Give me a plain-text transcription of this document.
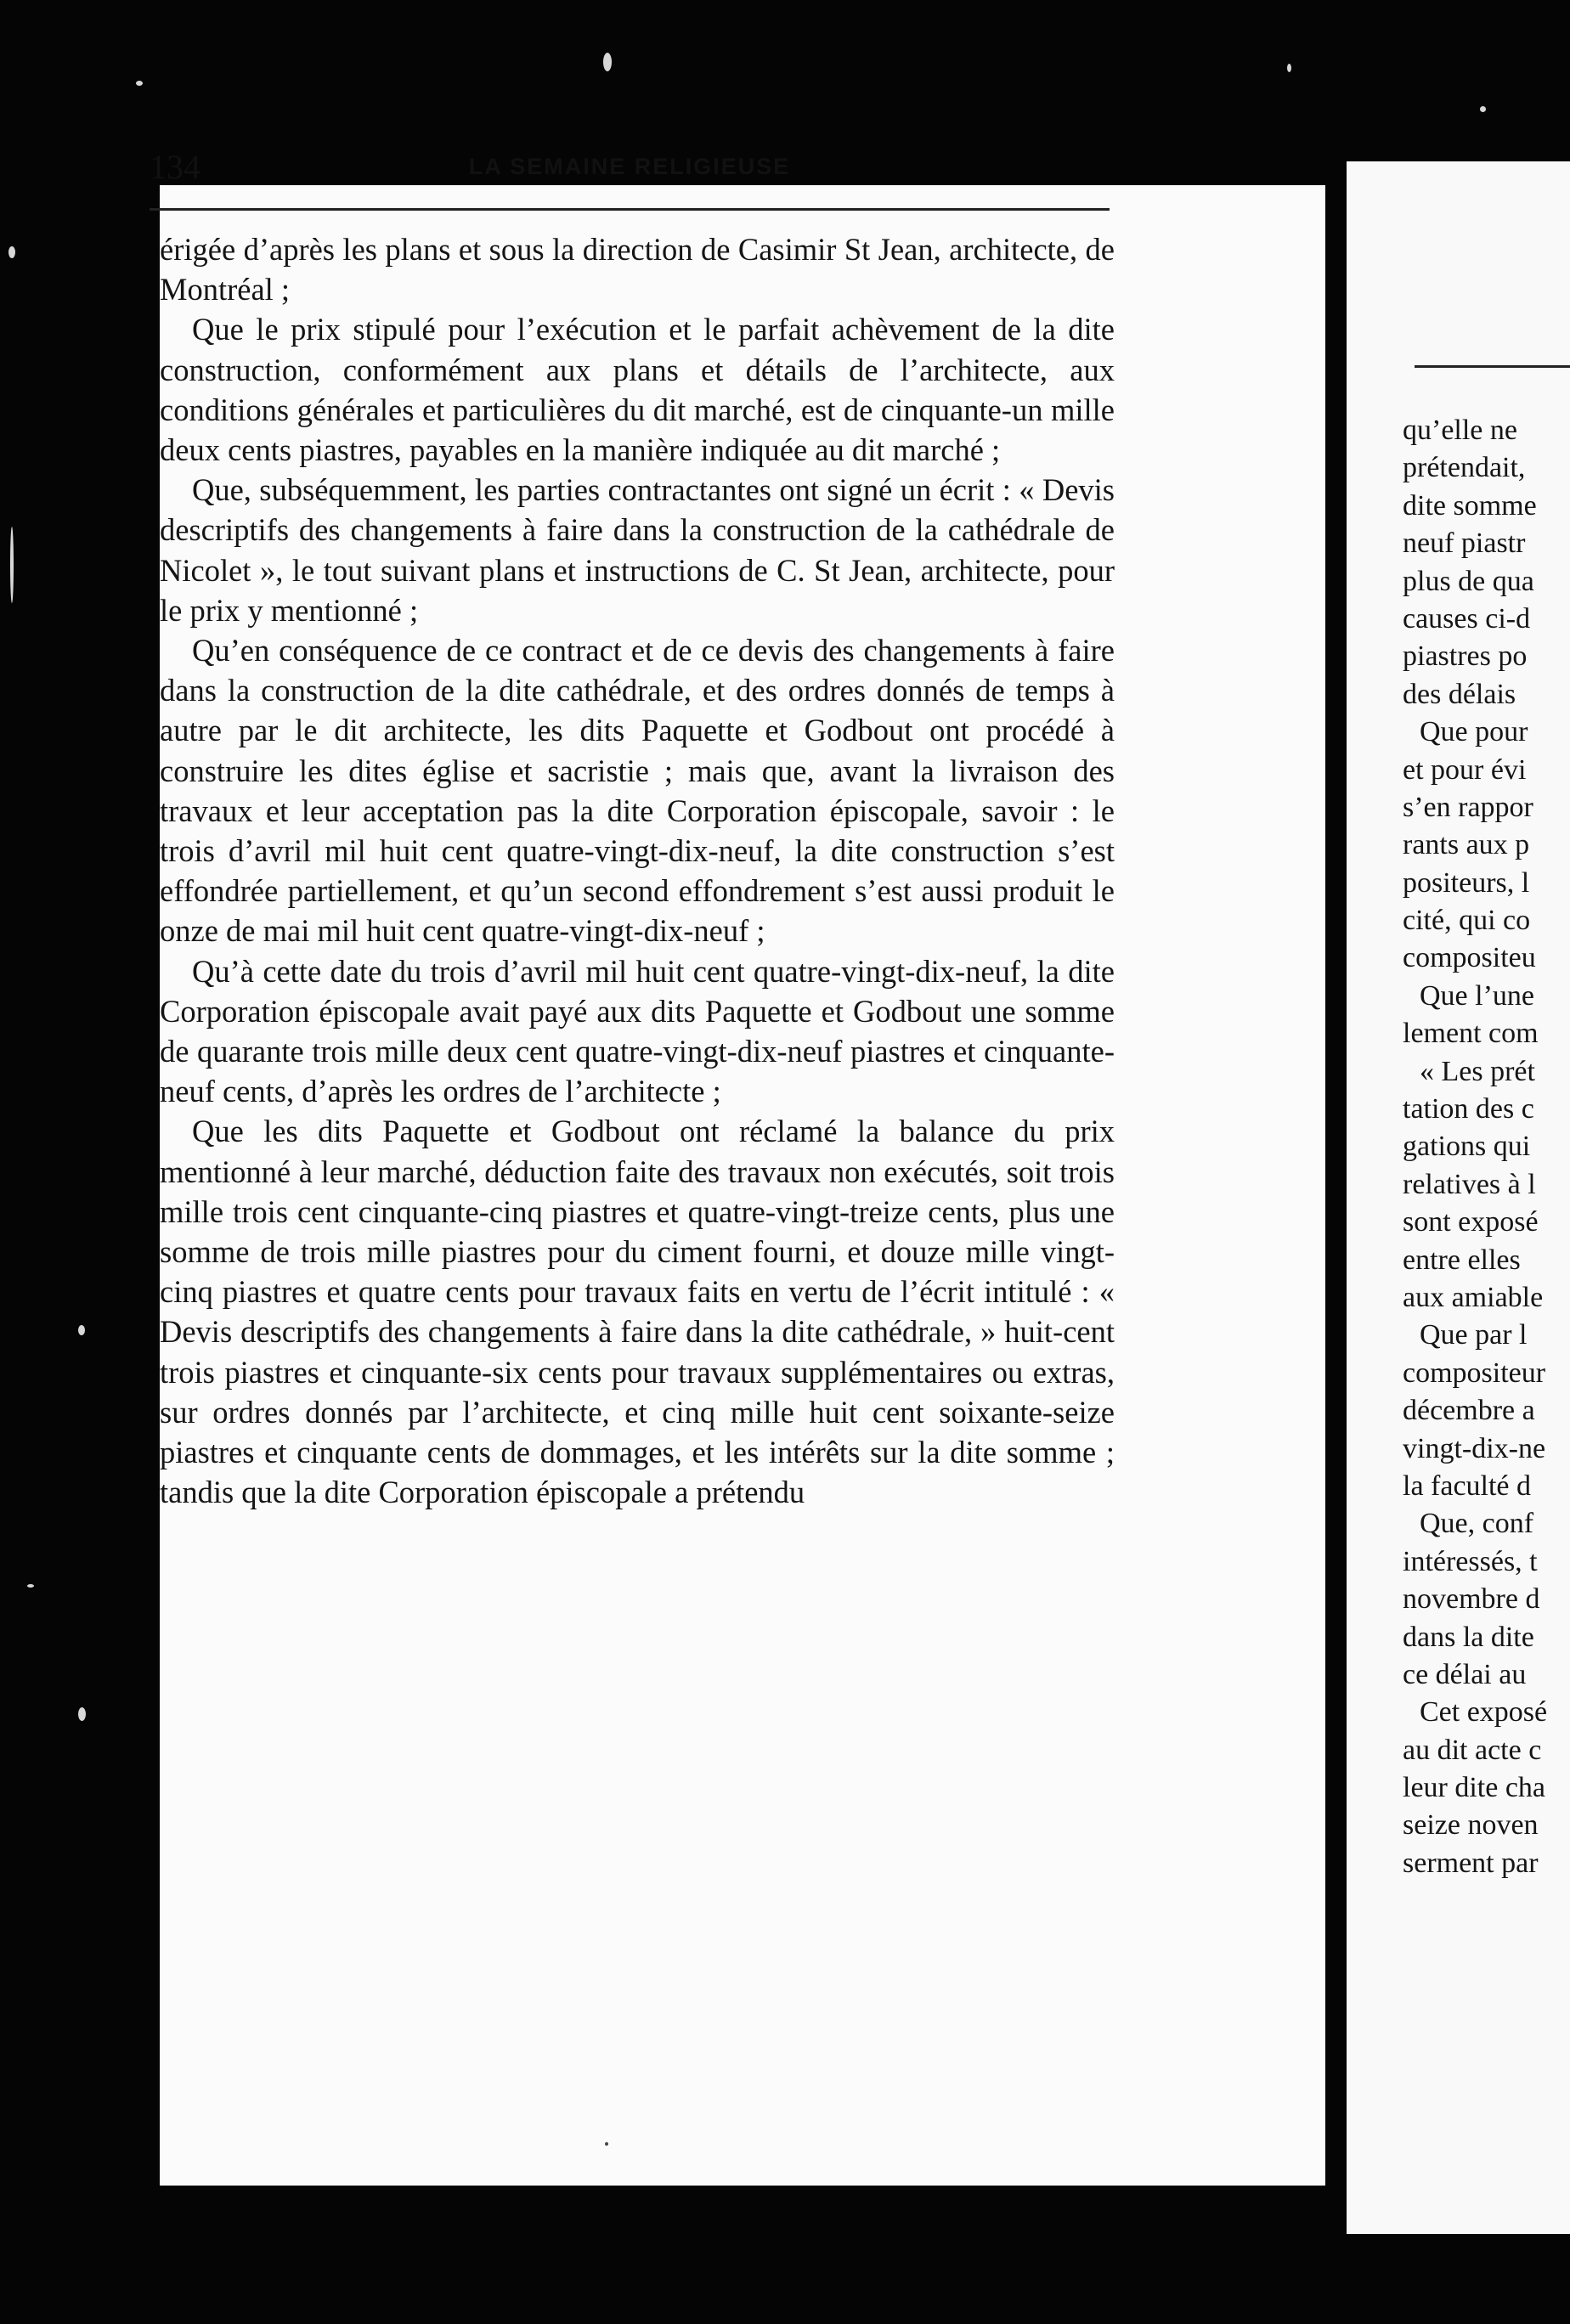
134	LA SEMAINE RELIGIEUSE

érigée d’après les plans et sous la direction de Casimir St Jean, architecte, de Montréal ;

Que le prix stipulé pour l’exécution et le parfait achèvement de la dite construction, conformément aux plans et détails de l’architecte, aux conditions générales et particulières du dit marché, est de cinquante-un mille deux cents piastres, payables en la manière indiquée au dit marché ;

Que, subséquemment, les parties contractantes ont signé un écrit : « Devis descriptifs des changements à faire dans la construction de la cathédrale de Nicolet », le tout suivant plans et instructions de C. St Jean, architecte, pour le prix y mentionné ;

Qu’en conséquence de ce contract et de ce devis des changements à faire dans la construction de la dite cathédrale, et des ordres donnés de temps à autre par le dit architecte, les dits Paquette et Godbout ont procédé à construire les dites église et sacristie ; mais que, avant la livraison des travaux et leur acceptation pas la dite Corporation épiscopale, savoir : le trois d’avril mil huit cent quatre-vingt-dix-neuf, la dite construction s’est effondrée partiellement, et qu’un second effondrement s’est aussi produit le onze de mai mil huit cent quatre-vingt-dix-neuf ;

Qu’à cette date du trois d’avril mil huit cent quatre-vingt-dix-neuf, la dite Corporation épiscopale avait payé aux dits Paquette et Godbout une somme de quarante trois mille deux cent quatre-vingt-dix-neuf piastres et cinquante-neuf cents, d’après les ordres de l’architecte ;

Que les dits Paquette et Godbout ont réclamé la balance du prix mentionné à leur marché, déduction faite des travaux non exécutés, soit trois mille trois cent cinquante-cinq piastres et quatre-vingt-treize cents, plus une somme de trois mille piastres pour du ciment fourni, et douze mille vingt-cinq piastres et quatre cents pour travaux faits en vertu de l’écrit intitulé : « Devis descriptifs des changements à faire dans la dite cathédrale, » huit-cent trois piastres et cinquante-six cents pour travaux supplémentaires ou extras, sur ordres donnés par l’architecte, et cinq mille huit cent soixante-seize piastres et cinquante cents de dommages, et les intérêts sur la dite somme ; tandis que la dite Corporation épiscopale a prétendu

qu’elle ne
prétendait,
dite somme
neuf piastr
plus de qua
causes ci-d
piastres po
des délais
Que pour
et pour évi
s’en rappor
rants aux p
positeurs, l
cité, qui co
compositeu
Que l’une
lement com
« Les prét
tation des c
gations qui
relatives à l
sont exposé
entre elles
aux amiable
Que par l
compositeur
décembre a
vingt-dix-ne
la faculté d
Que, conf
intéressés, t
novembre d
dans la dite
ce délai au
Cet exposé
au dit acte c
leur dite cha
seize noven
serment par
